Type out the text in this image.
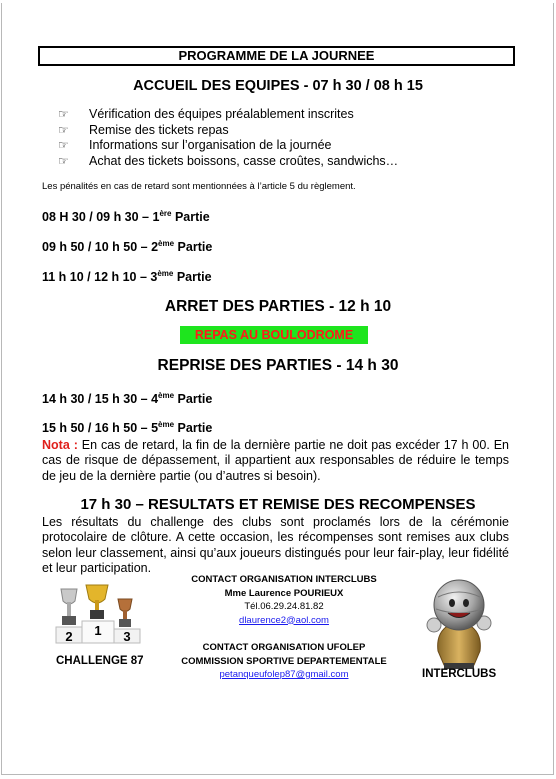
PROGRAMME DE LA JOURNEE
ACCUEIL DES EQUIPES - 07 h 30 / 08 h 15
☞	Vérification des équipes préalablement inscrites
☞	Remise des tickets repas
☞	Informations sur l’organisation de la journée
☞	Achat des tickets boissons, casse croûtes, sandwichs…
Les pénalités en cas de retard sont mentionnées à l’article 5 du règlement.
08 H 30 / 09 h 30 – 1ère Partie
09 h 50 / 10 h 50 – 2ème Partie
11 h 10 / 12 h 10 – 3ème Partie
ARRET DES PARTIES - 12 h 10
REPAS AU BOULODROME
REPRISE DES PARTIES - 14 h 30
14 h 30 / 15 h 30 – 4ème Partie
15 h 50 / 16 h 50 – 5ème Partie
Nota : En cas de retard, la fin de la dernière partie ne doit pas excéder 17 h 00. En cas de risque de dépassement, il appartient aux responsables de réduire le temps de jeu de la dernière partie (ou d’autres si besoin).
17 h 30 – RESULTATS ET REMISE DES RECOMPENSES
Les résultats du challenge des clubs sont proclamés lors de la cérémonie protocolaire de clôture. A cette occasion, les récompenses sont remises aux clubs selon leur classement, ainsi qu’aux joueurs distingués pour leur fair-play, leur fidélité et leur participation.
2 1 3
CHALLENGE 87
CONTACT ORGANISATION INTERCLUBS
Mme Laurence POURIEUX
Tél.06.29.24.81.82
dlaurence2@aol.com
CONTACT ORGANISATION UFOLEP
COMMISSION SPORTIVE DEPARTEMENTALE
petanqueufolep87@gmail.com	INTERCLUBS
